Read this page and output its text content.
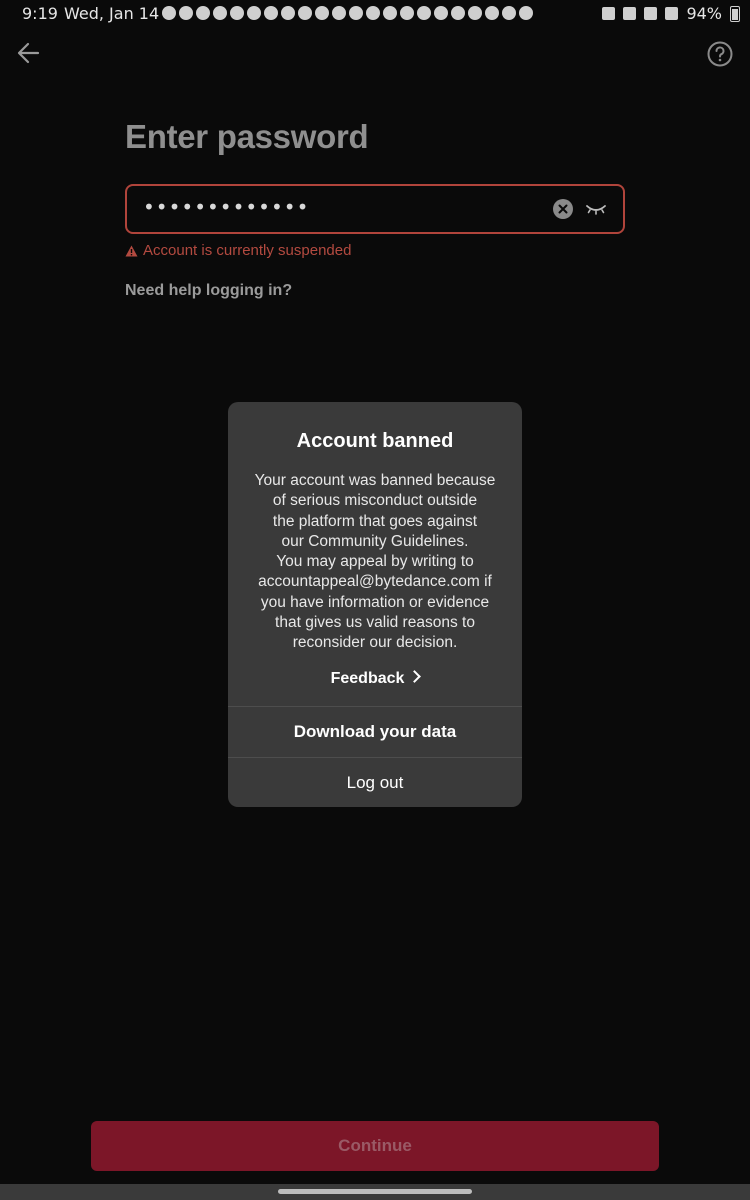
9:19 Wed, Jan 14	94%
Enter password
•••••••••••••
Account is currently suspended
Need help logging in?
Account banned
Your account was banned because
of serious misconduct outside
the platform that goes against
our Community Guidelines.
You may appeal by writing to
accountappeal@bytedance.com if
you have information or evidence
that gives us valid reasons to
reconsider our decision.
Feedback
Download your data
Log out
Continue
